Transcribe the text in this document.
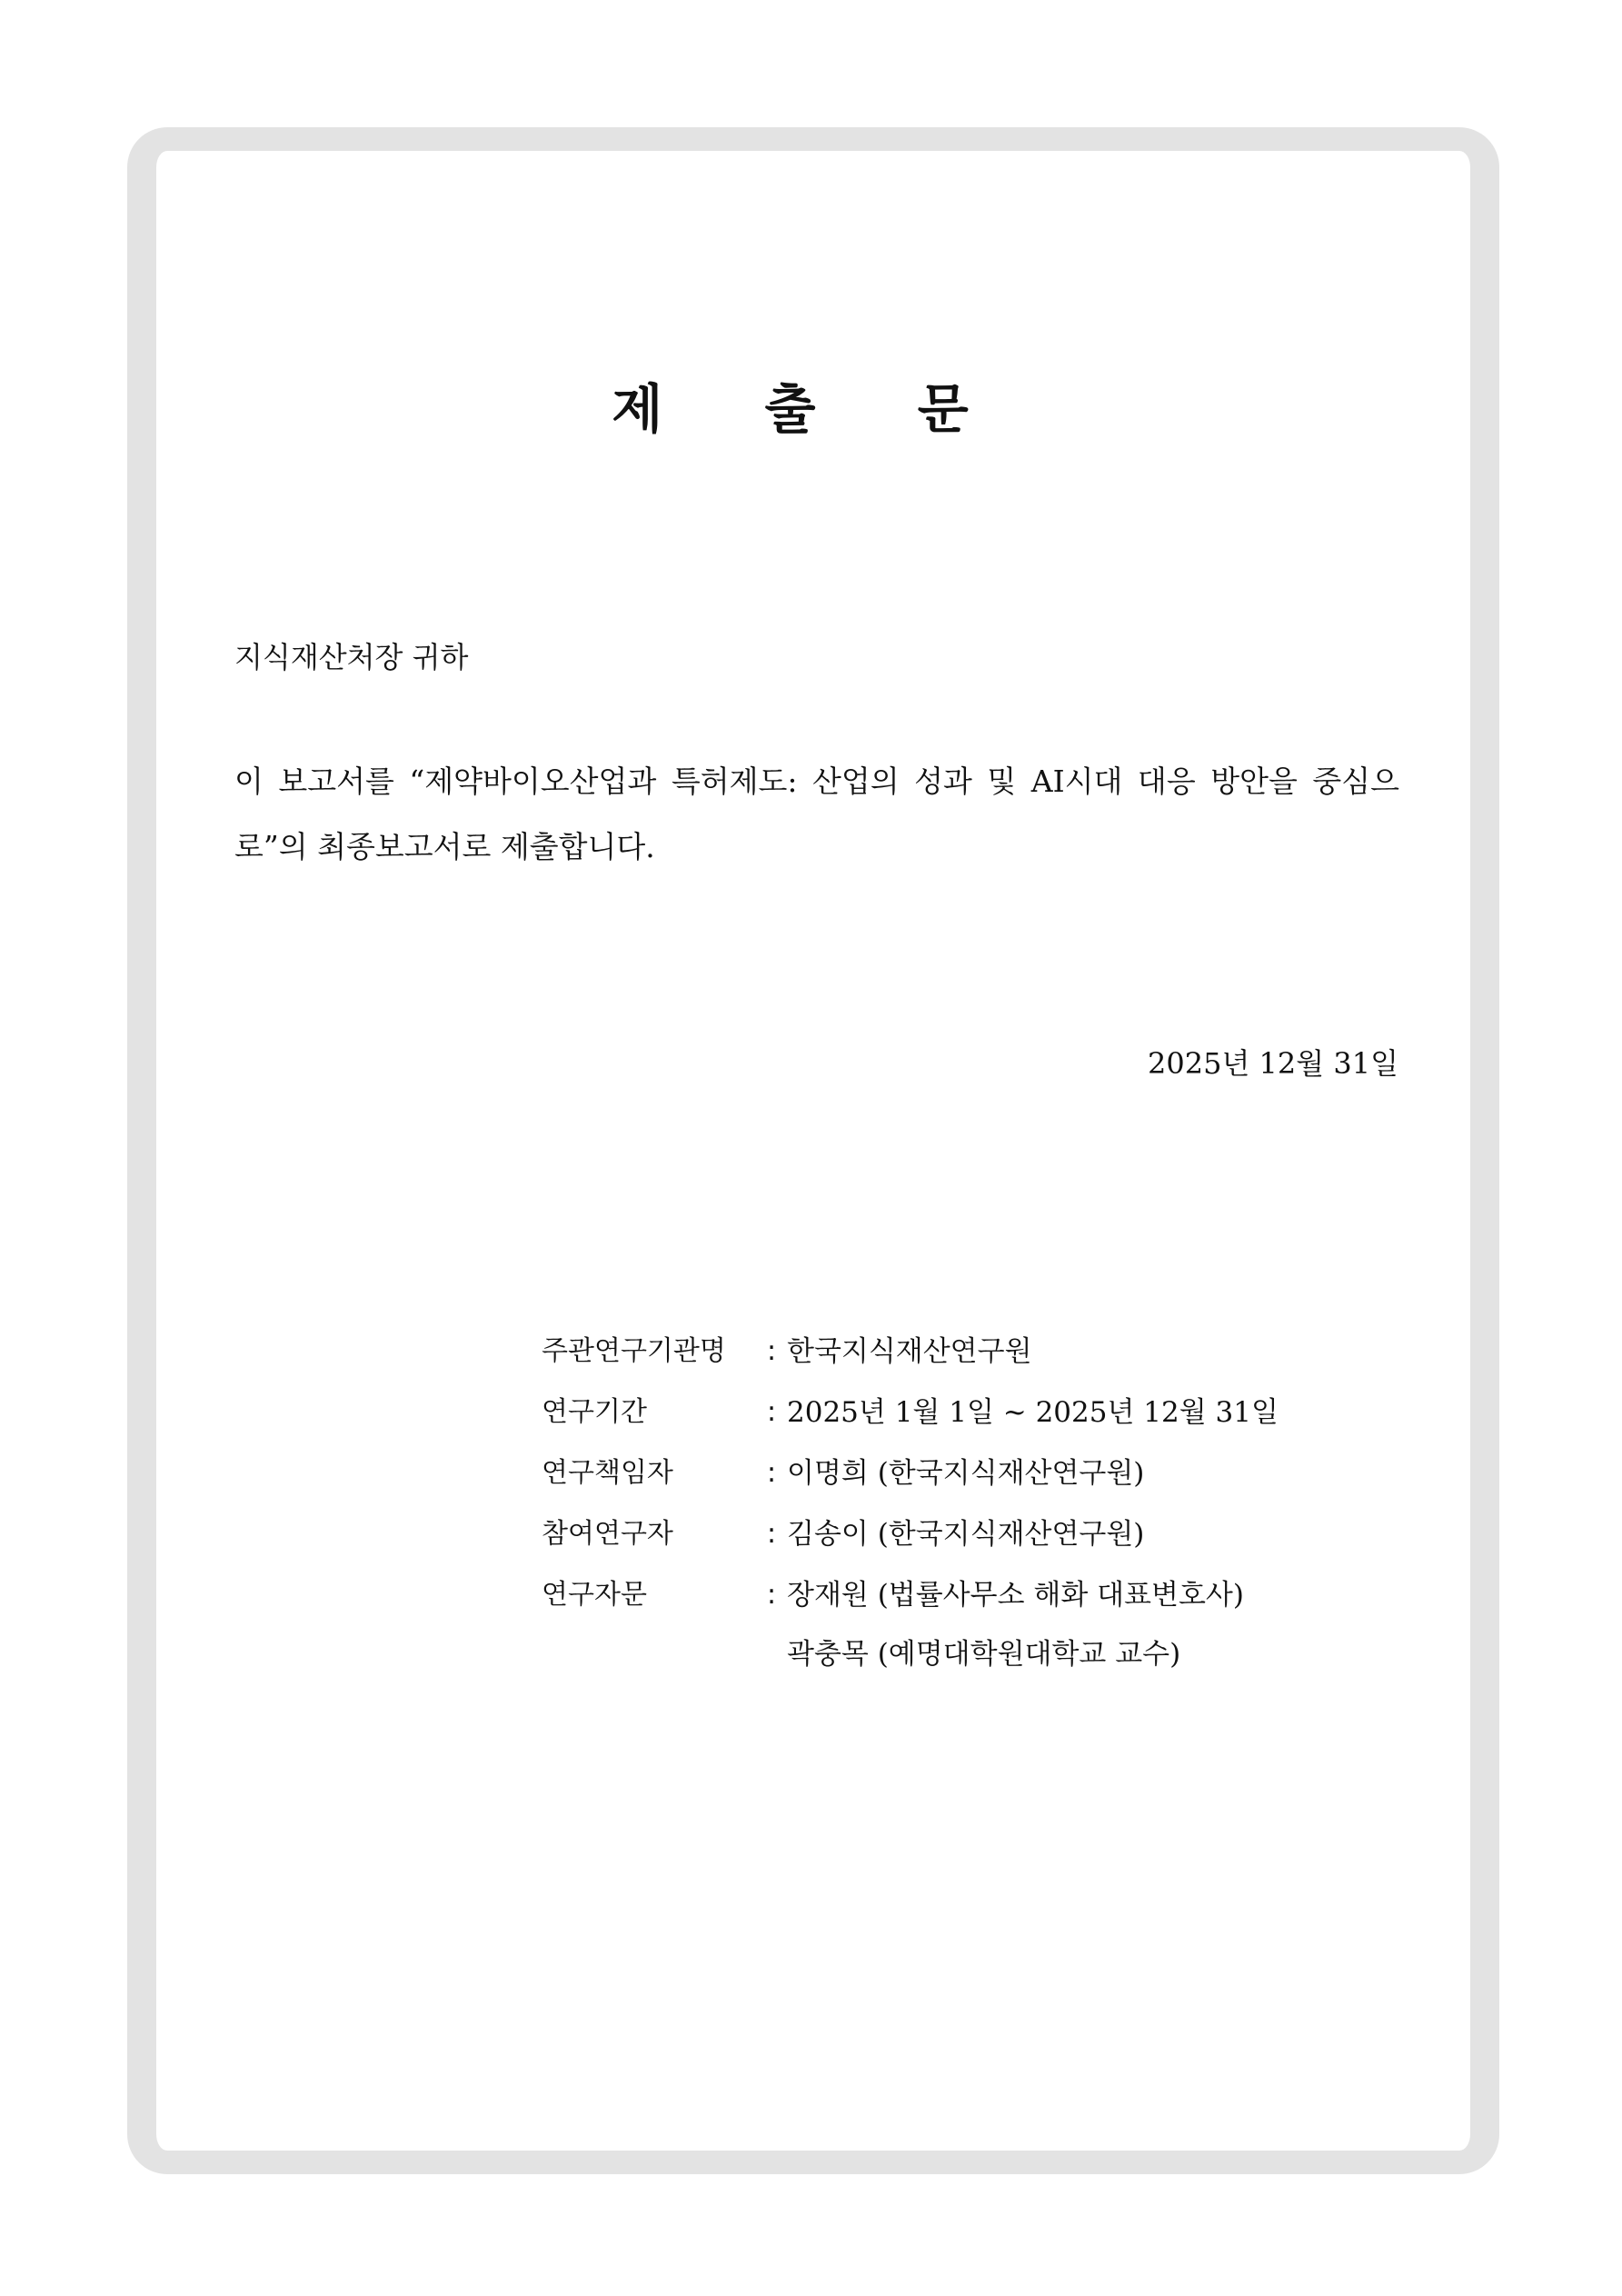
제 출 문
지식재산처장 귀하
이 보고서를 “제약바이오산업과 특허제도: 산업의 성과 및 AI시대 대응 방안을 중심으로”의 최종보고서로 제출합니다.
2025년 12월 31일
주관연구기관명	: 한국지식재산연구원
연구기간	: 2025년 1월 1일 ~ 2025년 12월 31일
연구책임자	: 이명희 (한국지식재산연구원)
참여연구자	: 김송이 (한국지식재산연구원)
연구자문	: 장재원 (법률사무소 해화 대표변호사)
곽충목 (예명대학원대학교 교수)
